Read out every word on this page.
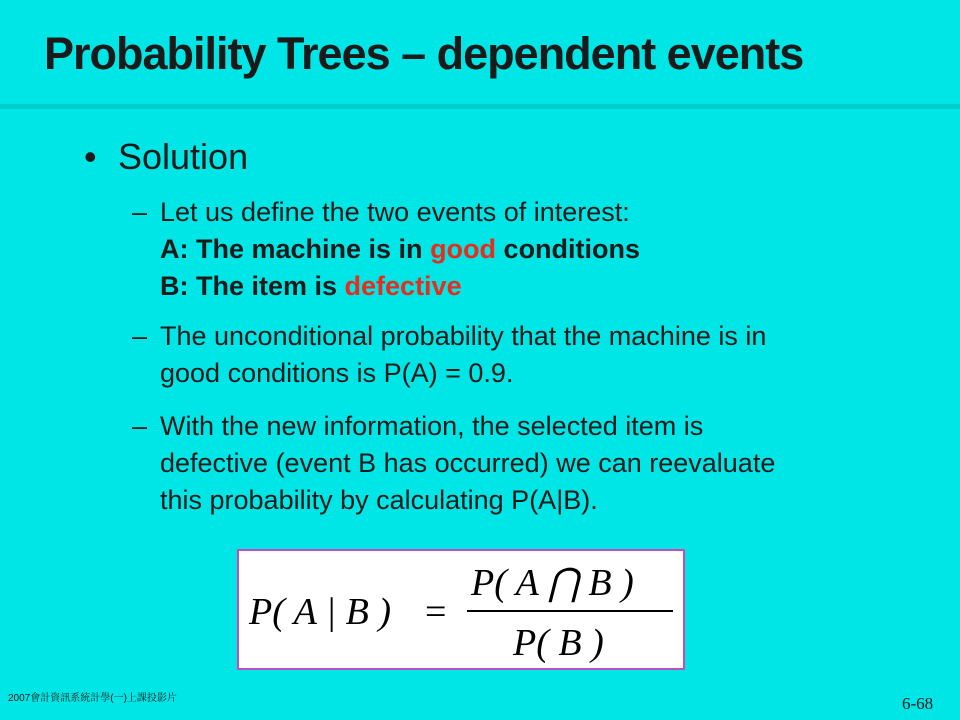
Probability Trees – dependent events
• Solution
– Let us define the two events of interest:
A: The machine is in good conditions
B: The item is defective
– The unconditional probability that the machine is in
good conditions is P(A) = 0.9.
– With the new information, the selected item is
defective (event B has occurred) we can reevaluate
this probability by calculating P(A|B).
P( A | B ) =
P( A ⋂ B )
P( B )
2007會計資訊系統計學(一)上課投影片	6-68
